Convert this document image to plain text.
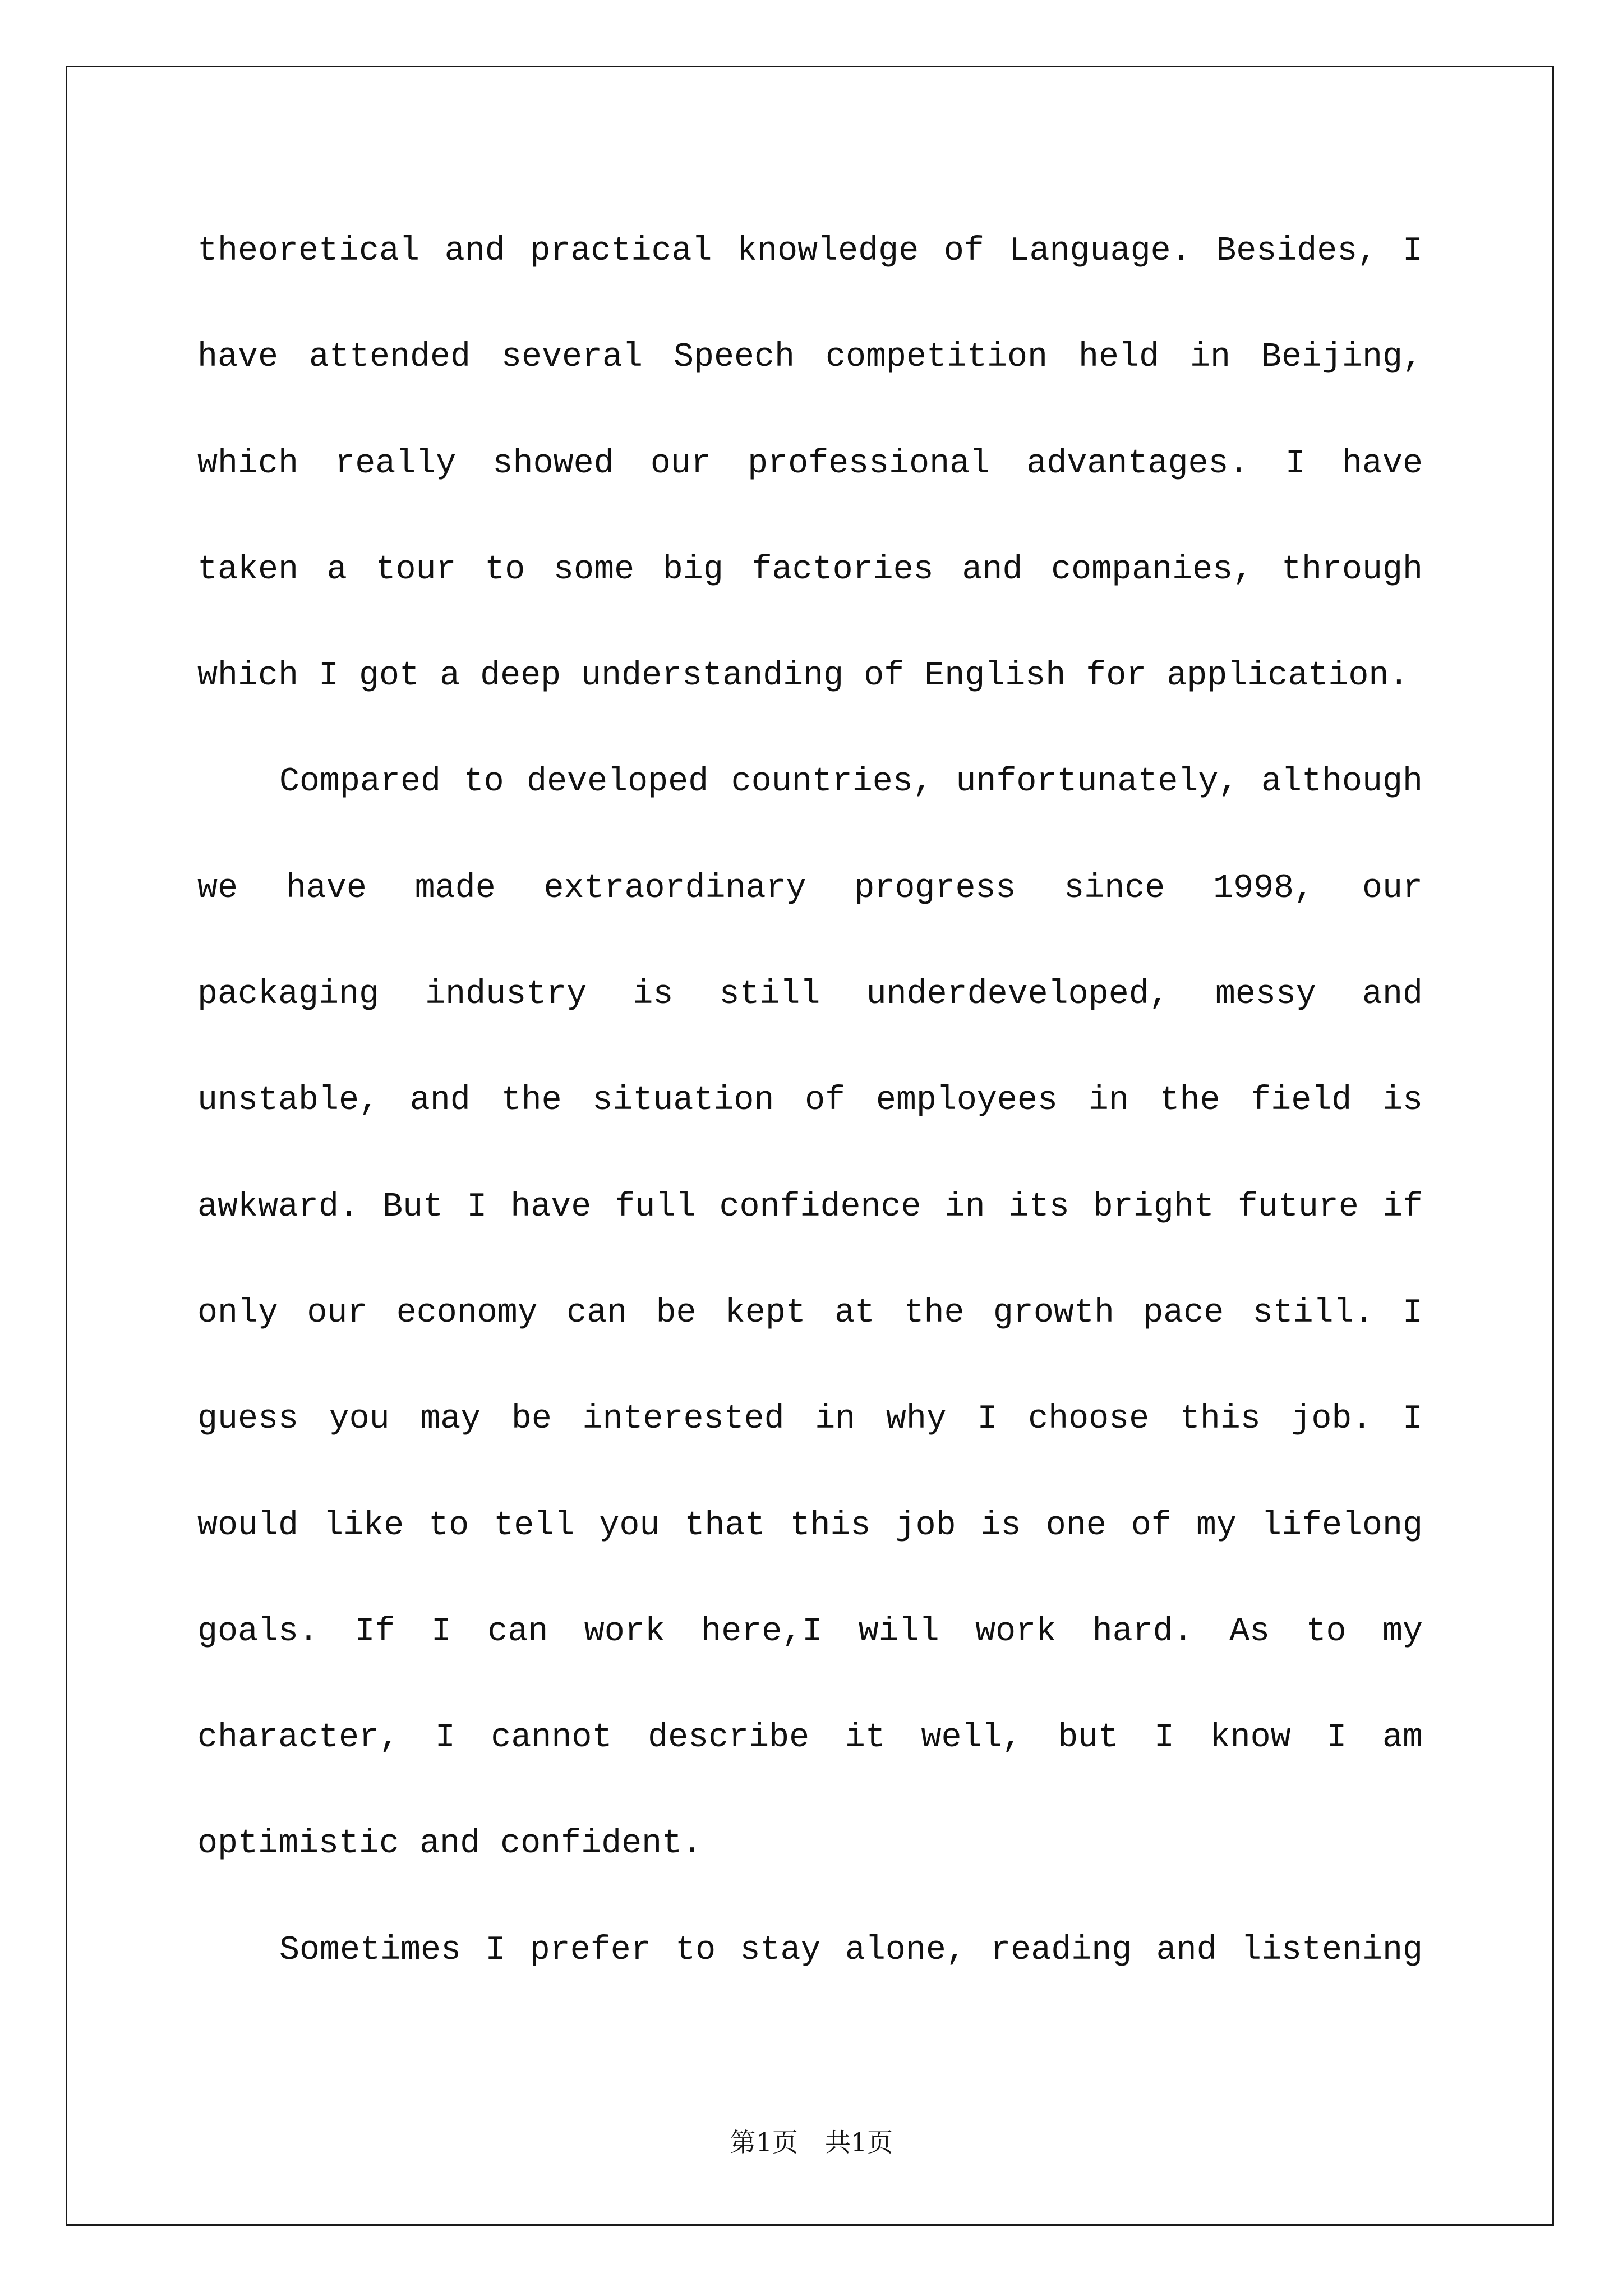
theoretical and practical knowledge of Language. Besides, I
have attended several Speech competition held in Beijing,
which really showed our professional advantages. I have
taken a tour to some big factories and companies, through
which I got a deep understanding of English for application.
Compared to developed countries, unfortunately, although
we have made extraordinary progress since 1998, our
packaging industry is still underdeveloped, messy and
unstable, and the situation of employees in the field is
awkward. But I have full confidence in its bright future if
only our economy can be kept at the growth pace still. I
guess you may be interested in why I choose this job. I
would like to tell you that this job is one of my lifelong
goals. If I can work here,I will work hard. As to my
character, I cannot describe it well, but I know I am
optimistic and confident.
Sometimes I prefer to stay alone, reading and listening
第1页 共1页
